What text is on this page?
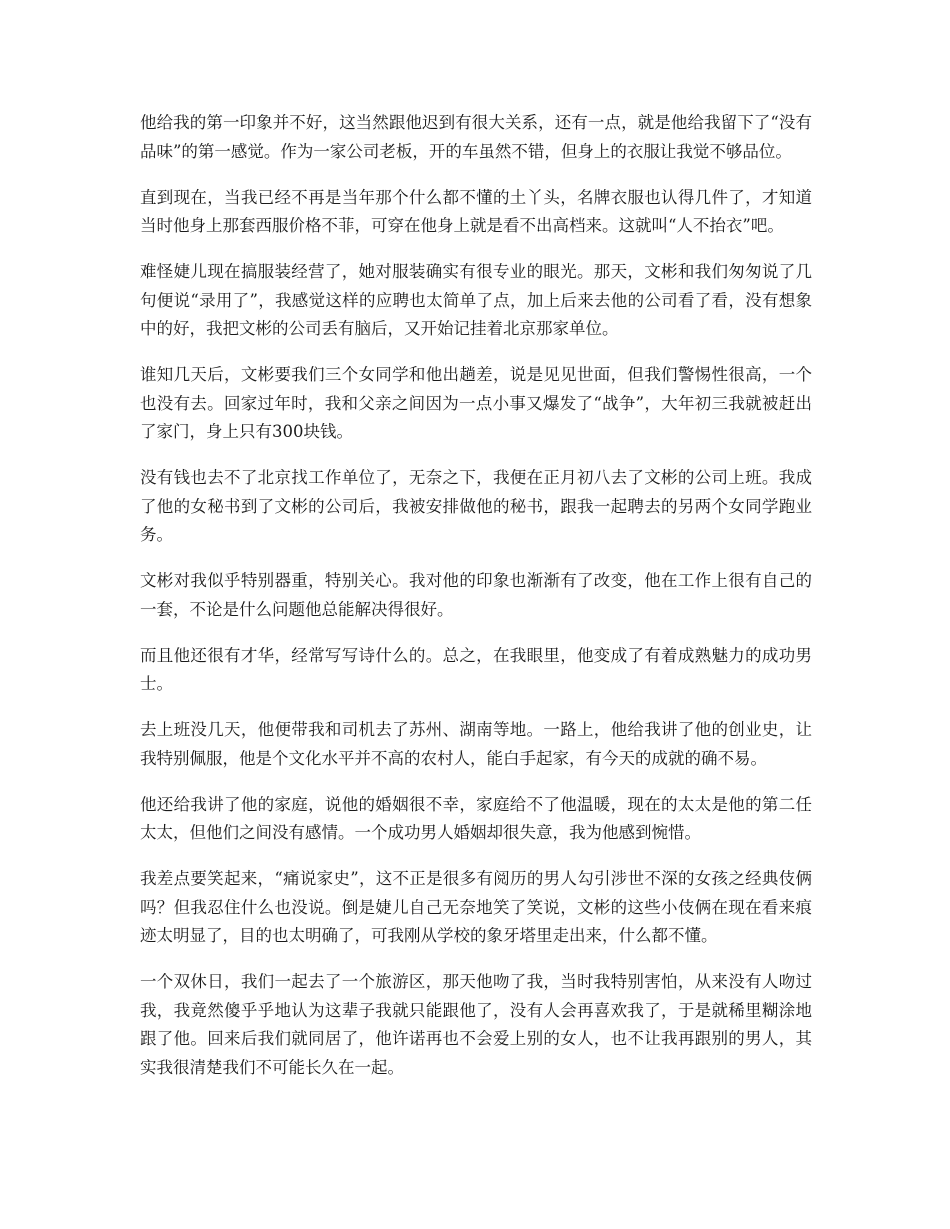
他给我的第一印象并不好，这当然跟他迟到有很大关系，还有一点，就是他给我留下了“没有品味”的第一感觉。作为一家公司老板，开的车虽然不错，但身上的衣服让我觉不够品位。

直到现在，当我已经不再是当年那个什么都不懂的土丫头，名牌衣服也认得几件了，才知道当时他身上那套西服价格不菲，可穿在他身上就是看不出高档来。这就叫“人不抬衣”吧。

难怪婕儿现在搞服装经营了，她对服装确实有很专业的眼光。那天，文彬和我们匆匆说了几句便说“录用了”，我感觉这样的应聘也太简单了点，加上后来去他的公司看了看，没有想象中的好，我把文彬的公司丢有脑后，又开始记挂着北京那家单位。

谁知几天后，文彬要我们三个女同学和他出趟差，说是见见世面，但我们警惕性很高，一个也没有去。回家过年时，我和父亲之间因为一点小事又爆发了“战争”，大年初三我就被赶出了家门，身上只有300块钱。

没有钱也去不了北京找工作单位了，无奈之下，我便在正月初八去了文彬的公司上班。我成了他的女秘书到了文彬的公司后，我被安排做他的秘书，跟我一起聘去的另两个女同学跑业务。

文彬对我似乎特别器重，特别关心。我对他的印象也渐渐有了改变，他在工作上很有自己的一套，不论是什么问题他总能解决得很好。

而且他还很有才华，经常写写诗什么的。总之，在我眼里，他变成了有着成熟魅力的成功男士。

去上班没几天，他便带我和司机去了苏州、湖南等地。一路上，他给我讲了他的创业史，让我特别佩服，他是个文化水平并不高的农村人，能白手起家，有今天的成就的确不易。

他还给我讲了他的家庭，说他的婚姻很不幸，家庭给不了他温暖，现在的太太是他的第二任太太，但他们之间没有感情。一个成功男人婚姻却很失意，我为他感到惋惜。

我差点要笑起来，“痛说家史”，这不正是很多有阅历的男人勾引涉世不深的女孩之经典伎俩吗？但我忍住什么也没说。倒是婕儿自己无奈地笑了笑说，文彬的这些小伎俩在现在看来痕迹太明显了，目的也太明确了，可我刚从学校的象牙塔里走出来，什么都不懂。

一个双休日，我们一起去了一个旅游区，那天他吻了我，当时我特别害怕，从来没有人吻过我，我竟然傻乎乎地认为这辈子我就只能跟他了，没有人会再喜欢我了，于是就稀里糊涂地跟了他。回来后我们就同居了，他许诺再也不会爱上别的女人，也不让我再跟别的男人，其实我很清楚我们不可能长久在一起。
